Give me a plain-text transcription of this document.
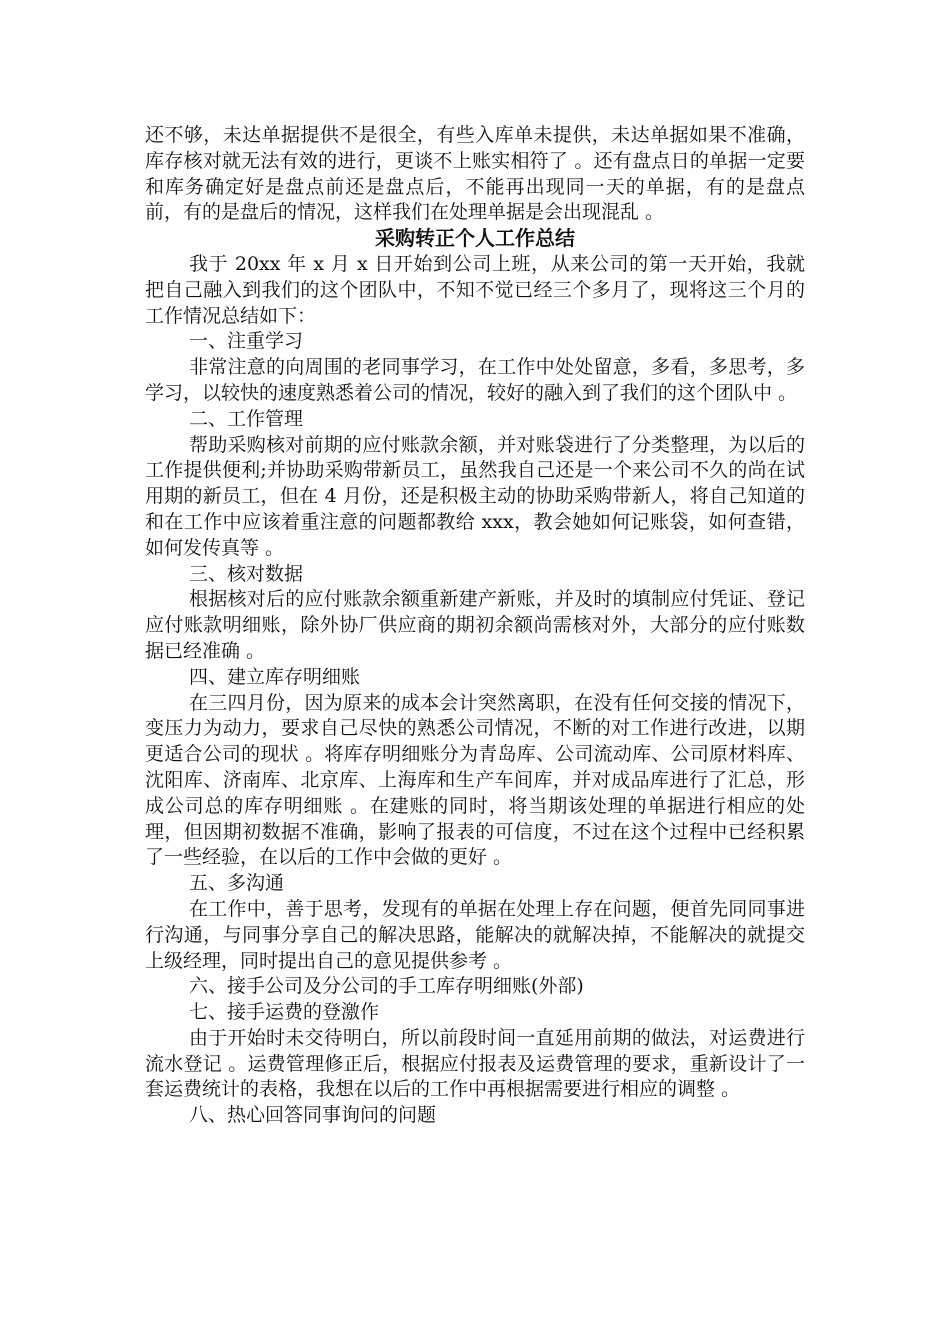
还不够，未达单据提供不是很全，有些入库单未提供，未达单据如果不准确，库存核对就无法有效的进行，更谈不上账实相符了 。还有盘点日的单据一定要和库务确定好是盘点前还是盘点后，不能再出现同一天的单据，有的是盘点前，有的是盘后的情况，这样我们在处理单据是会出现混乱 。

采购转正个人工作总结

我于 20xx 年 x 月 x 日开始到公司上班，从来公司的第一天开始，我就把自己融入到我们的这个团队中，不知不觉已经三个多月了，现将这三个月的工作情况总结如下：

一、注重学习

非常注意的向周围的老同事学习，在工作中处处留意，多看，多思考，多学习，以较快的速度熟悉着公司的情况，较好的融入到了我们的这个团队中 。

二、工作管理

帮助采购核对前期的应付账款余额，并对账袋进行了分类整理，为以后的工作提供便利;并协助采购带新员工，虽然我自己还是一个来公司不久的尚在试用期的新员工，但在 4 月份，还是积极主动的协助采购带新人，将自己知道的和在工作中应该着重注意的问题都教给 xxx，教会她如何记账袋，如何查错，如何发传真等 。

三、核对数据

根据核对后的应付账款余额重新建产新账，并及时的填制应付凭证、登记应付账款明细账，除外协厂供应商的期初余额尚需核对外，大部分的应付账数据已经准确 。

四、建立库存明细账

在三四月份，因为原来的成本会计突然离职，在没有任何交接的情况下，变压力为动力，要求自己尽快的熟悉公司情况，不断的对工作进行改进，以期更适合公司的现状 。将库存明细账分为青岛库、公司流动库、公司原材料库、沈阳库、济南库、北京库、上海库和生产车间库，并对成品库进行了汇总，形成公司总的库存明细账 。在建账的同时，将当期该处理的单据进行相应的处理，但因期初数据不准确，影响了报表的可信度，不过在这个过程中已经积累了一些经验，在以后的工作中会做的更好 。

五、多沟通

在工作中，善于思考，发现有的单据在处理上存在问题，便首先同同事进行沟通，与同事分享自己的解决思路，能解决的就解决掉，不能解决的就提交上级经理，同时提出自己的意见提供参考 。

六、接手公司及分公司的手工库存明细账(外部)

七、接手运费的登激作

由于开始时未交待明白，所以前段时间一直延用前期的做法，对运费进行流水登记 。运费管理修正后，根据应付报表及运费管理的要求，重新设计了一套运费统计的表格，我想在以后的工作中再根据需要进行相应的调整 。

八、热心回答同事询问的问题
